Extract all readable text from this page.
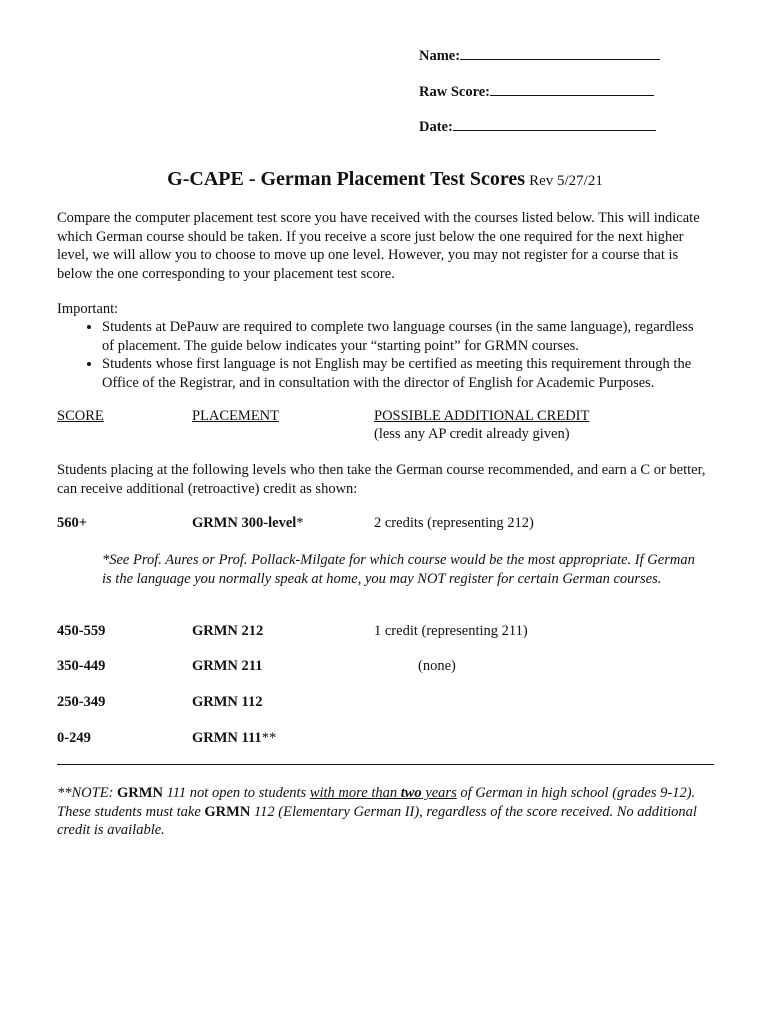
Name:
Raw Score:
Date:
G-CAPE - German Placement Test Scores Rev 5/27/21
Compare the computer placement test score you have received with the courses listed below. This will indicate which German course should be taken. If you receive a score just below the one required for the next higher level, we will allow you to choose to move up one level. However, you may not register for a course that is below the one corresponding to your placement test score.
Important:
• Students at DePauw are required to complete two language courses (in the same language), regardless of placement. The guide below indicates your “starting point” for GRMN courses.
• Students whose first language is not English may be certified as meeting this requirement through the Office of the Registrar, and in consultation with the director of English for Academic Purposes.
SCORE	PLACEMENT	POSSIBLE ADDITIONAL CREDIT
(less any AP credit already given)
Students placing at the following levels who then take the German course recommended, and earn a C or better, can receive additional (retroactive) credit as shown:
560+	GRMN 300-level*	2 credits (representing 212)
*See Prof. Aures or Prof. Pollack-Milgate for which course would be the most appropriate. If German is the language you normally speak at home, you may NOT register for certain German courses.
450-559	GRMN 212	1 credit (representing 211)
350-449	GRMN 211	(none)
250-349	GRMN 112
0-249	GRMN 111**
**NOTE: GRMN 111 not open to students with more than two years of German in high school (grades 9-12). These students must take GRMN 112 (Elementary German II), regardless of the score received. No additional credit is available.
